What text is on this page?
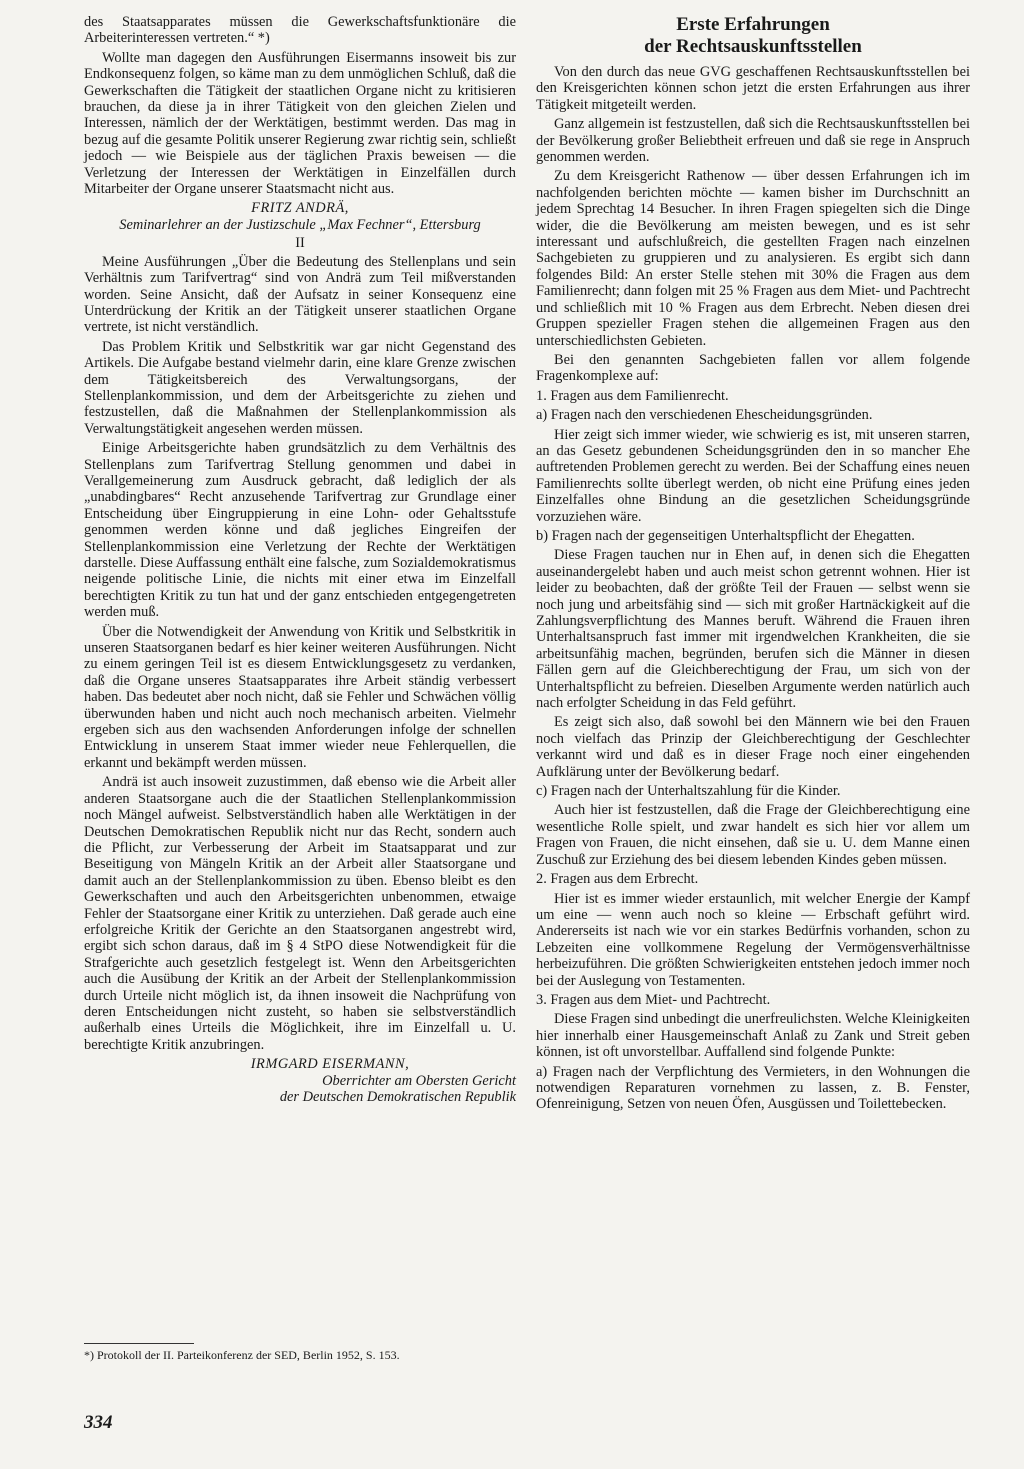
des Staatsapparates müssen die Gewerkschaftsfunktionäre die Arbeiterinteressen vertreten.“ *)

Wollte man dagegen den Ausführungen Eisermanns insoweit bis zur Endkonsequenz folgen, so käme man zu dem unmöglichen Schluß, daß die Gewerkschaften die Tätigkeit der staatlichen Organe nicht zu kritisieren brauchen, da diese ja in ihrer Tätigkeit von den gleichen Zielen und Interessen, nämlich der der Werktätigen, bestimmt werden. Das mag in bezug auf die gesamte Politik unserer Regierung zwar richtig sein, schließt jedoch — wie Beispiele aus der täglichen Praxis beweisen — die Verletzung der Interessen der Werktätigen in Einzelfällen durch Mitarbeiter der Organe unserer Staatsmacht nicht aus.

FRITZ ANDRÄ,
Seminarlehrer an der Justizschule „Max Fechner“, Ettersburg
II

Meine Ausführungen „Über die Bedeutung des Stellenplans und sein Verhältnis zum Tarifvertrag“ sind von Andrä zum Teil mißverstanden worden. Seine Ansicht, daß der Aufsatz in seiner Konsequenz eine Unterdrückung der Kritik an der Tätigkeit unserer staatlichen Organe vertrete, ist nicht verständlich.

Das Problem Kritik und Selbstkritik war gar nicht Gegenstand des Artikels. Die Aufgabe bestand vielmehr darin, eine klare Grenze zwischen dem Tätigkeitsbereich des Verwaltungsorgans, der Stellenplankommission, und dem der Arbeitsgerichte zu ziehen und festzustellen, daß die Maßnahmen der Stellenplankommission als Verwaltungstätigkeit angesehen werden müssen.

Einige Arbeitsgerichte haben grundsätzlich zu dem Verhältnis des Stellenplans zum Tarifvertrag Stellung genommen und dabei in Verallgemeinerung zum Ausdruck gebracht, daß lediglich der als „unabdingbares“ Recht anzusehende Tarifvertrag zur Grundlage einer Entscheidung über Eingruppierung in eine Lohn- oder Gehaltsstufe genommen werden könne und daß jegliches Eingreifen der Stellenplankommission eine Verletzung der Rechte der Werktätigen darstelle. Diese Auffassung enthält eine falsche, zum Sozialdemokratismus neigende politische Linie, die nichts mit einer etwa im Einzelfall berechtigten Kritik zu tun hat und der ganz entschieden entgegengetreten werden muß.

Über die Notwendigkeit der Anwendung von Kritik und Selbstkritik in unseren Staatsorganen bedarf es hier keiner weiteren Ausführungen. Nicht zu einem geringen Teil ist es diesem Entwicklungsgesetz zu verdanken, daß die Organe unseres Staatsapparates ihre Arbeit ständig verbessert haben. Das bedeutet aber noch nicht, daß sie Fehler und Schwächen völlig überwunden haben und nicht auch noch mechanisch arbeiten. Vielmehr ergeben sich aus den wachsenden Anforderungen infolge der schnellen Entwicklung in unserem Staat immer wieder neue Fehlerquellen, die erkannt und bekämpft werden müssen.

Andrä ist auch insoweit zuzustimmen, daß ebenso wie die Arbeit aller anderen Staatsorgane auch die der Staatlichen Stellenplankommission noch Mängel aufweist. Selbstverständlich haben alle Werktätigen in der Deutschen Demokratischen Republik nicht nur das Recht, sondern auch die Pflicht, zur Verbesserung der Arbeit im Staatsapparat und zur Beseitigung von Mängeln Kritik an der Arbeit aller Staatsorgane und damit auch an der Stellenplankommission zu üben. Ebenso bleibt es den Gewerkschaften und auch den Arbeitsgerichten unbenommen, etwaige Fehler der Staatsorgane einer Kritik zu unterziehen. Daß gerade auch eine erfolgreiche Kritik der Gerichte an den Staatsorganen angestrebt wird, ergibt sich schon daraus, daß im § 4 StPO diese Notwendigkeit für die Strafgerichte auch gesetzlich festgelegt ist. Wenn den Arbeitsgerichten auch die Ausübung der Kritik an der Arbeit der Stellenplankommission durch Urteile nicht möglich ist, da ihnen insoweit die Nachprüfung von deren Entscheidungen nicht zusteht, so haben sie selbstverständlich außerhalb eines Urteils die Möglichkeit, ihre im Einzelfall u. U. berechtigte Kritik anzubringen.

IRMGARD EISERMANN,
Oberrichter am Obersten Gericht
der Deutschen Demokratischen Republik

*) Protokoll der II. Parteikonferenz der SED, Berlin 1952, S. 153.

334
Erste Erfahrungen
der Rechtsauskunftsstellen

Von den durch das neue GVG geschaffenen Rechtsauskunftsstellen bei den Kreisgerichten können schon jetzt die ersten Erfahrungen aus ihrer Tätigkeit mitgeteilt werden.

Ganz allgemein ist festzustellen, daß sich die Rechtsauskunftsstellen bei der Bevölkerung großer Beliebtheit erfreuen und daß sie rege in Anspruch genommen werden.

Zu dem Kreisgericht Rathenow — über dessen Erfahrungen ich im nachfolgenden berichten möchte — kamen bisher im Durchschnitt an jedem Sprechtag 14 Besucher. In ihren Fragen spiegelten sich die Dinge wider, die die Bevölkerung am meisten bewegen, und es ist sehr interessant und aufschlußreich, die gestellten Fragen nach einzelnen Sachgebieten zu gruppieren und zu analysieren. Es ergibt sich dann folgendes Bild: An erster Stelle stehen mit 30% die Fragen aus dem Familienrecht; dann folgen mit 25 % Fragen aus dem Miet- und Pachtrecht und schließlich mit 10 % Fragen aus dem Erbrecht. Neben diesen drei Gruppen spezieller Fragen stehen die allgemeinen Fragen aus den unterschiedlichsten Gebieten.

Bei den genannten Sachgebieten fallen vor allem folgende Fragenkomplexe auf:

1. Fragen aus dem Familienrecht.

a) Fragen nach den verschiedenen Ehescheidungsgründen.

Hier zeigt sich immer wieder, wie schwierig es ist, mit unseren starren, an das Gesetz gebundenen Scheidungsgründen den in so mancher Ehe auftretenden Problemen gerecht zu werden. Bei der Schaffung eines neuen Familienrechts sollte überlegt werden, ob nicht eine Prüfung eines jeden Einzelfalles ohne Bindung an die gesetzlichen Scheidungsgründe vorzuziehen wäre.

b) Fragen nach der gegenseitigen Unterhaltspflicht der Ehegatten.

Diese Fragen tauchen nur in Ehen auf, in denen sich die Ehegatten auseinandergelebt haben und auch meist schon getrennt wohnen. Hier ist leider zu beobachten, daß der größte Teil der Frauen — selbst wenn sie noch jung und arbeitsfähig sind — sich mit großer Hartnäckigkeit auf die Zahlungsverpflichtung des Mannes beruft. Während die Frauen ihren Unterhaltsanspruch fast immer mit irgendwelchen Krankheiten, die sie arbeitsunfähig machen, begründen, berufen sich die Männer in diesen Fällen gern auf die Gleichberechtigung der Frau, um sich von der Unterhaltspflicht zu befreien. Dieselben Argumente werden natürlich auch nach erfolgter Scheidung in das Feld geführt.

Es zeigt sich also, daß sowohl bei den Männern wie bei den Frauen noch vielfach das Prinzip der Gleichberechtigung der Geschlechter verkannt wird und daß es in dieser Frage noch einer eingehenden Aufklärung unter der Bevölkerung bedarf.

c) Fragen nach der Unterhaltszahlung für die Kinder.

Auch hier ist festzustellen, daß die Frage der Gleichberechtigung eine wesentliche Rolle spielt, und zwar handelt es sich hier vor allem um Fragen von Frauen, die nicht einsehen, daß sie u. U. dem Manne einen Zuschuß zur Erziehung des bei diesem lebenden Kindes geben müssen.

2. Fragen aus dem Erbrecht.

Hier ist es immer wieder erstaunlich, mit welcher Energie der Kampf um eine — wenn auch noch so kleine — Erbschaft geführt wird. Andererseits ist nach wie vor ein starkes Bedürfnis vorhanden, schon zu Lebzeiten eine vollkommene Regelung der Vermögensverhältnisse herbeizuführen. Die größten Schwierigkeiten entstehen jedoch immer noch bei der Auslegung von Testamenten.

3. Fragen aus dem Miet- und Pachtrecht.

Diese Fragen sind unbedingt die unerfreulichsten. Welche Kleinigkeiten hier innerhalb einer Hausgemeinschaft Anlaß zu Zank und Streit geben können, ist oft unvorstellbar. Auffallend sind folgende Punkte:

a) Fragen nach der Verpflichtung des Vermieters, in den Wohnungen die notwendigen Reparaturen vornehmen zu lassen, z. B. Fenster, Ofenreinigung, Setzen von neuen Öfen, Ausgüssen und Toilettebecken.
